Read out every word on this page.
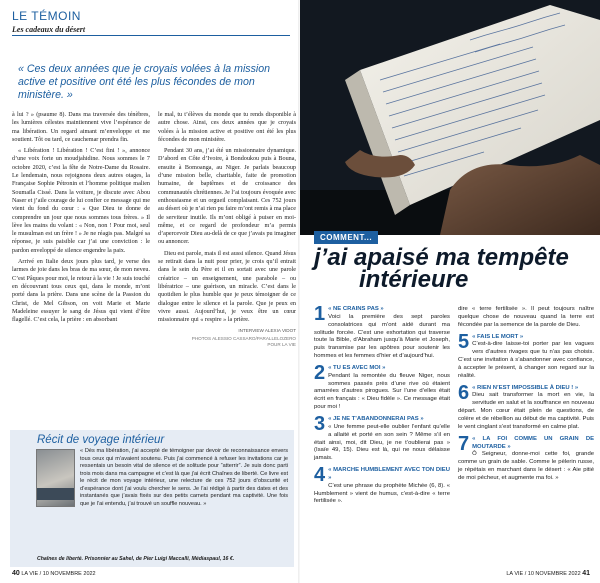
LE TÉMOIN
Les cadeaux du désert
« Ces deux années que je croyais volées à la mission active et positive ont été les plus fécondes de mon ministère. »

à lui ? » (psaume 8). Dans ma traversée des ténèbres, les lumières célestes maintiennent vive l’espérance de ma libération. Un regard aimant m’enveloppe et me soutient. Tôt ou tard, ce cauchemar prendra fin.

« Libération ! Libération ! C’est fini ! », annonce d’une voix forte un moudjahidine. Nous sommes le 7 octobre 2020, c’est la fête de Notre-Dame du Rosaire. Le lendemain, nous rejoignons deux autres otages, la Française Sophie Pétronin et l’homme politique malien Soumaïla Cissé. Dans la voiture, je discute avec Abou Naser et j’aile courage de lui confier ce message qui me vient du fond du cœur : « Que Dieu te donne de comprendre un jour que nous sommes tous frères. » Il lève les mains du volant : « Non, non ! Pour moi, seul le musulman est un frère ! » Je ne réagis pas. Malgré sa réponse, je suis paisible car j’ai une conviction : le pardon enveloppé de silence engendre la paix.

Arrivé en Italie deux jours plus tard, je verse des larmes de joie dans les bras de ma sœur, de mon neveu. C’est Pâques pour moi, le retour à la vie ! Je suis touché en découvrant tous ceux qui, dans le monde, m’ont porté dans la prière. Dans une scène de la Passion du Christ, de Mel Gibson, on voit Marie et Marie Madeleine essuyer le sang de Jésus qui vient d’être flagellé. C’est cela, la prière : en absorbant

le mal, tu t’élèves du monde que tu rends disponible à autre chose. Ainsi, ces deux années que je croyais volées à la mission active et positive ont été les plus fécondes de mon ministère.

Pendant 30 ans, j’ai été un missionnaire dynamique. D’abord en Côte d’Ivoire, à Bondoukou puis à Bouna, ensuite à Bomoanga, au Niger. Je parlais beaucoup d’une mission belle, charitable, faite de promotion humaine, de baptêmes et de croissance des communautés chrétiennes. Je l’ai toujours évoquée avec enthousiasme et un orgueil complaisant. Ces 752 jours au désert où je n’ai rien pu faire m’ont remis à ma place de serviteur inutile. Ils m’ont obligé à puiser en moi-même, et ce regard de profondeur m’a permis d’apercevoir Dieu au-delà de ce que j’avais pu imaginer ou annoncer.

Dieu est parole, mais il est aussi silence. Quand Jésus se retirait dans la nuit pour prier, je crois qu’il entrait dans le sein du Père et il en sortait avec une parole créatrice – un enseignement, une parabole – ou libératrice – une guérison, un miracle. C’est dans le quotidien le plus humble que je peux témoigner de ce dialogue entre le silence et la parole. Que je peux en vivre aussi. Aujourd’hui, je veux être un cœur missionnaire qui « respire » la prière.

INTERVIEW ALEXIA VIDOT
PHOTOS ALESSIO CASSARO/PARALLELOZERO
POUR LA VIE
Récit de voyage intérieur
« Dès ma libération, j’ai accepté de témoigner par devoir de reconnaissance envers tous ceux qui m’avaient soutenu. Puis j’ai commencé à refuser les invitations car je ressentais un besoin vital de silence et de solitude pour “atterrir”. Je suis donc parti trois mois dans ma campagne et c’est là que j’ai écrit Chaînes de liberté. Ce livre est le récit de mon voyage intérieur, une relecture de ces 752 jours d’obscurité et d’espérance dont j’ai voulu chercher le sens. Je l’ai rédigé à partir des dates et des instantanés que j’avais fixés sur des petits carnets pendant ma captivité. Une fois que je l’ai entendu, j’ai trouvé un souffle nouveau. »
Chaînes de liberté. Prisonnier au Sahel, de Pier Luigi Maccalli, Médiaspaul, 16 €.
40 LA VIE / 10 NOVEMBRE 2022
COMMENT...
j’ai apaisé ma tempête
intérieure
1 « NE CRAINS PAS »
Voici la première des sept paroles consolatrices qui m’ont aidé durant ma solitude forcée. C’est une exhortation qui traverse toute la Bible, d’Abraham jusqu’à Marie et Joseph, puis transmise par les apôtres pour soutenir les hommes et les femmes d’hier et d’aujourd’hui.
2 « TU ES AVEC MOI »
Pendant la remontée du fleuve Niger, nous sommes passés près d’une rive où étaient amarrées d’autres pirogues. Sur l’une d’elles était écrit en français : « Dieu fidèle ». Ce message était pour moi !
3 « JE NE T’ABANDONNERAI PAS »
« Une femme peut-elle oublier l’enfant qu’elle a allaité et porté en son sein ? Même s’il en était ainsi, moi, dit Dieu, je ne t’oublierai pas » (Isaïe 49, 15). Dieu est là, qui ne nous délaisse jamais.
4 « MARCHE HUMBLEMENT AVEC TON DIEU »
C’est une phrase du prophète Michée (6, 8). « Humblement » vient de humus, c’est-à-dire « terre fertilisée ».
dire « terre fertilisée ». Il peut toujours naître quelque chose de nouveau quand la terre est fécondée par la semence de la parole de Dieu.
5 « FAIS LE MORT »
C’est-à-dire laisse-toi porter par les vagues vers d’autres rivages que tu n’as pas choisis. C’est une invitation à s’abandonner avec confiance, à accepter le présent, à changer son regard sur la réalité.
6 « RIEN N’EST IMPOSSIBLE À DIEU ! »
Dieu sait transformer la mort en vie, la servitude en salut et la souffrance en nouveau départ. Mon cœur était plein de questions, de colère et de rébellion au début de ma captivité. Puis le vent cinglant s’est transformé en calme plat.
7 « LA FOI COMME UN GRAIN DE MOUTARDE »
Ô Seigneur, donne-moi cette foi, grande comme un grain de sable. Comme le pèlerin russe, je répétais en marchant dans le désert : « Aie pitié de moi pécheur, et augmente ma foi. »
LA VIE / 10 NOVEMBRE 2022 41
